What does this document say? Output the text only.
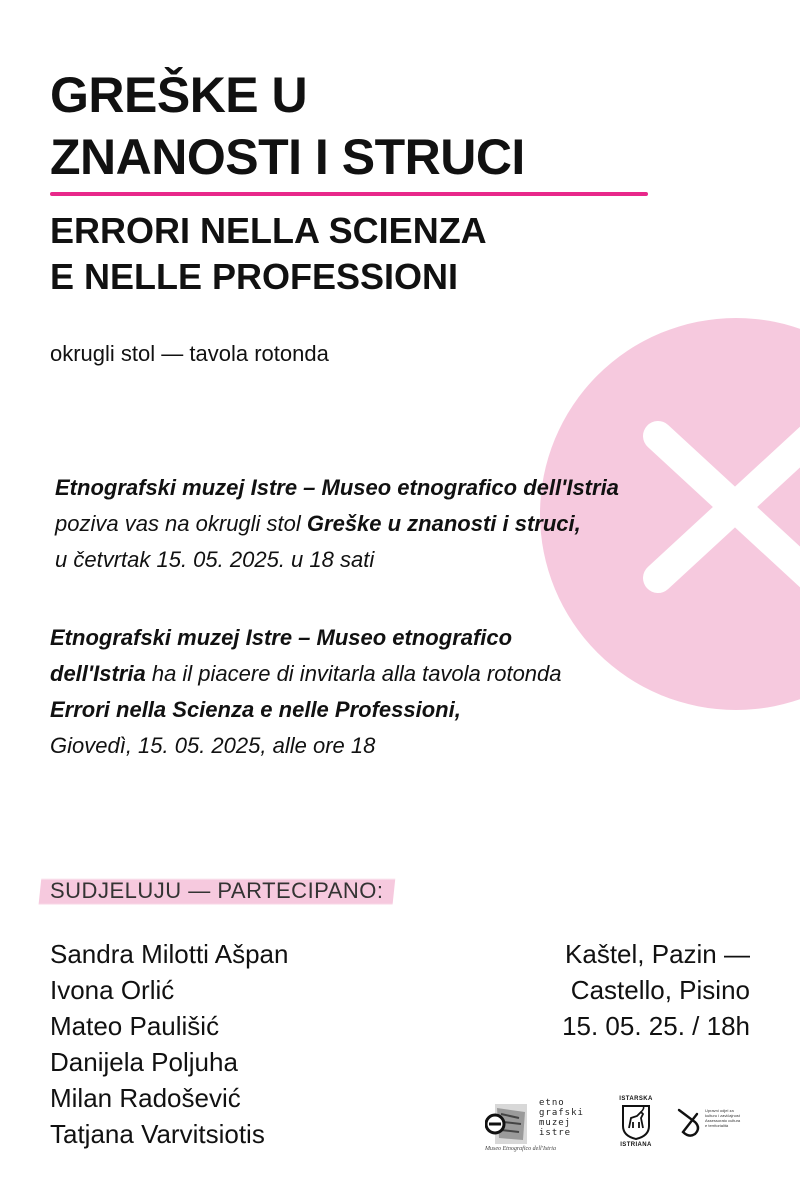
GREŠKE U
ZNANOSTI I STRUCI
ERRORI NELLA SCIENZA
E NELLE PROFESSIONI
okrugli stol — tavola rotonda
Etnografski muzej Istre – Museo etnografico dell'Istria
poziva vas na okrugli stol Greške u znanosti i struci,
u četvrtak 15. 05. 2025. u 18 sati
Etnografski muzej Istre – Museo etnografico
dell'Istria ha il piacere di invitarla alla tavola rotonda
Errori nella Scienza e nelle Professioni,
Giovedì, 15. 05. 2025, alle ore 18
SUDJELUJU — PARTECIPANO:
Sandra Milotti Ašpan
Ivona Orlić
Mateo Paulišić
Danijela Poljuha
Milan Radošević
Tatjana Varvitsiotis
Kaštel, Pazin —
Castello, Pisino
15. 05. 25. / 18h
etno
grafski
muzej
istre
Museo Etnografico dell'Istria
ISTARSKA
ISTRIANA
Upravni odjel za
kulturu i zavičajnost
Assessorato cultura
e territorialità
